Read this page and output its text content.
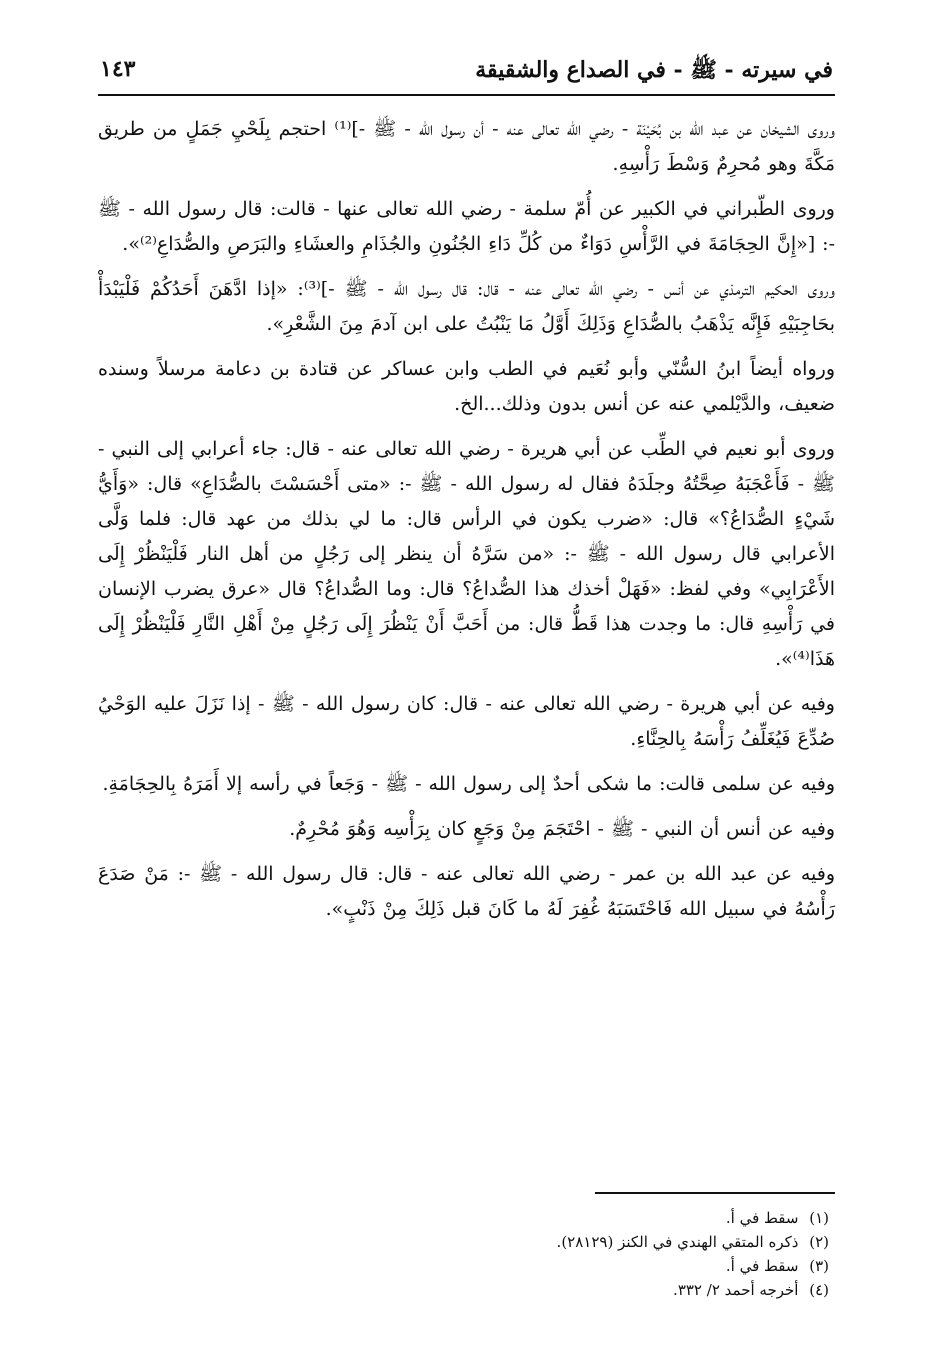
في سيرته - ﷺ - في الصداع والشقيقة
١٤٣

وروى الشيخان عن عبد الله بن بُحَيْنَة - رضي الله تعالى عنه - أن رسول الله - ﷺ -]⁽¹⁾ احتجم بِلَحْيِ جَمَلٍ من طريق مَكَّةَ وهو مُحرِمٌ وَسْطَ رَأْسِهِ.

وروى الطّبراني في الكبير عن أُمّ سلمة - رضي الله تعالى عنها - قالت: قال رسول الله - ﷺ -: [«إِنَّ الحِجَامَةَ في الرَّأْسِ دَوَاءٌ من كُلِّ دَاءِ الجُنُونِ والجُذَامِ والعشَاءِ والبَرَصِ والصُّدَاعِ⁽²⁾».

وروى الحكيم الترمذي عن أنس - رضي الله تعالى عنه - قال: قال رسول الله - ﷺ -]⁽³⁾: «إذا ادَّهَنَ أَحَدُكُمْ فَلْيَبْدَأْ بحَاجِبَيْهِ فَإِنَّه يَذْهَبُ بالصُّدَاعِ وَذَلِكَ أَوَّلُ مَا يَنْبُتُ على ابن آدمَ مِنَ الشَّعْرِ».

ورواه أيضاً ابنُ السُّنّي وأبو نُعَيم في الطب وابن عساكر عن قتادة بن دعامة مرسلاً وسنده ضعيف، والدَّيْلمي عنه عن أنس بدون وذلك...الخ.

وروى أبو نعيم في الطِّب عن أبي هريرة - رضي الله تعالى عنه - قال: جاء أعرابي إلى النبي - ﷺ - فَأَعْجَبَهُ صِحَّتُهُ وجلَدَهُ فقال له رسول الله - ﷺ -: «متى أَحْسَسْتَ بالصُّدَاعِ» قال: «وَأَيُّ شَيْءٍ الصُّدَاعُ؟» قال: «ضرب يكون في الرأس قال: ما لي بذلك من عهد قال: فلما وَلَّى الأعرابي قال رسول الله - ﷺ -: «من سَرَّهُ أن ينظر إلى رَجُلٍ من أهل النار فَلْيَنْظُرْ إِلَى الأَعْرَابِي» وفي لفظ: «فَهَلْ أخذك هذا الصُّداعُ؟ قال: وما الصُّداعُ؟ قال «عرق يضرب الإنسان في رَأْسِهِ قال: ما وجدت هذا قَطُّ قال: من أَحَبَّ أَنْ يَنْظُرَ إِلَى رَجُلٍ مِنْ أَهْلِ النَّارِ فَلْيَنْظُرْ إِلَى هَذَا⁽⁴⁾».

وفيه عن أبي هريرة - رضي الله تعالى عنه - قال: كان رسول الله - ﷺ - إذا نَزَلَ عليه الوَحْيُ صُدِّعَ فَيُغَلِّفُ رَأْسَهُ بِالحِنَّاءِ.

وفيه عن سلمى قالت: ما شكى أحدٌ إلى رسول الله - ﷺ - وَجَعاً في رأسه إلا أَمَرَهُ بِالحِجَامَةِ.

وفيه عن أنس أن النبي - ﷺ - احْتَجَمَ مِنْ وَجَعٍ كان بِرَأْسِه وَهُوَ مُحْرِمٌ.

وفيه عن عبد الله بن عمر - رضي الله تعالى عنه - قال: قال رسول الله - ﷺ -: مَنْ صَدَعَ رَأْسُهُ في سبيل الله فَاحْتَسَبَهُ غُفِرَ لَهُ ما كَانَ قبل ذَلِكَ مِنْ ذَنْبٍ».

(١) سقط في أ.
(٢) ذكره المتقي الهندي في الكنز (٢٨١٢٩).
(٣) سقط في أ.
(٤) أخرجه أحمد ٢/ ٣٣٢.
